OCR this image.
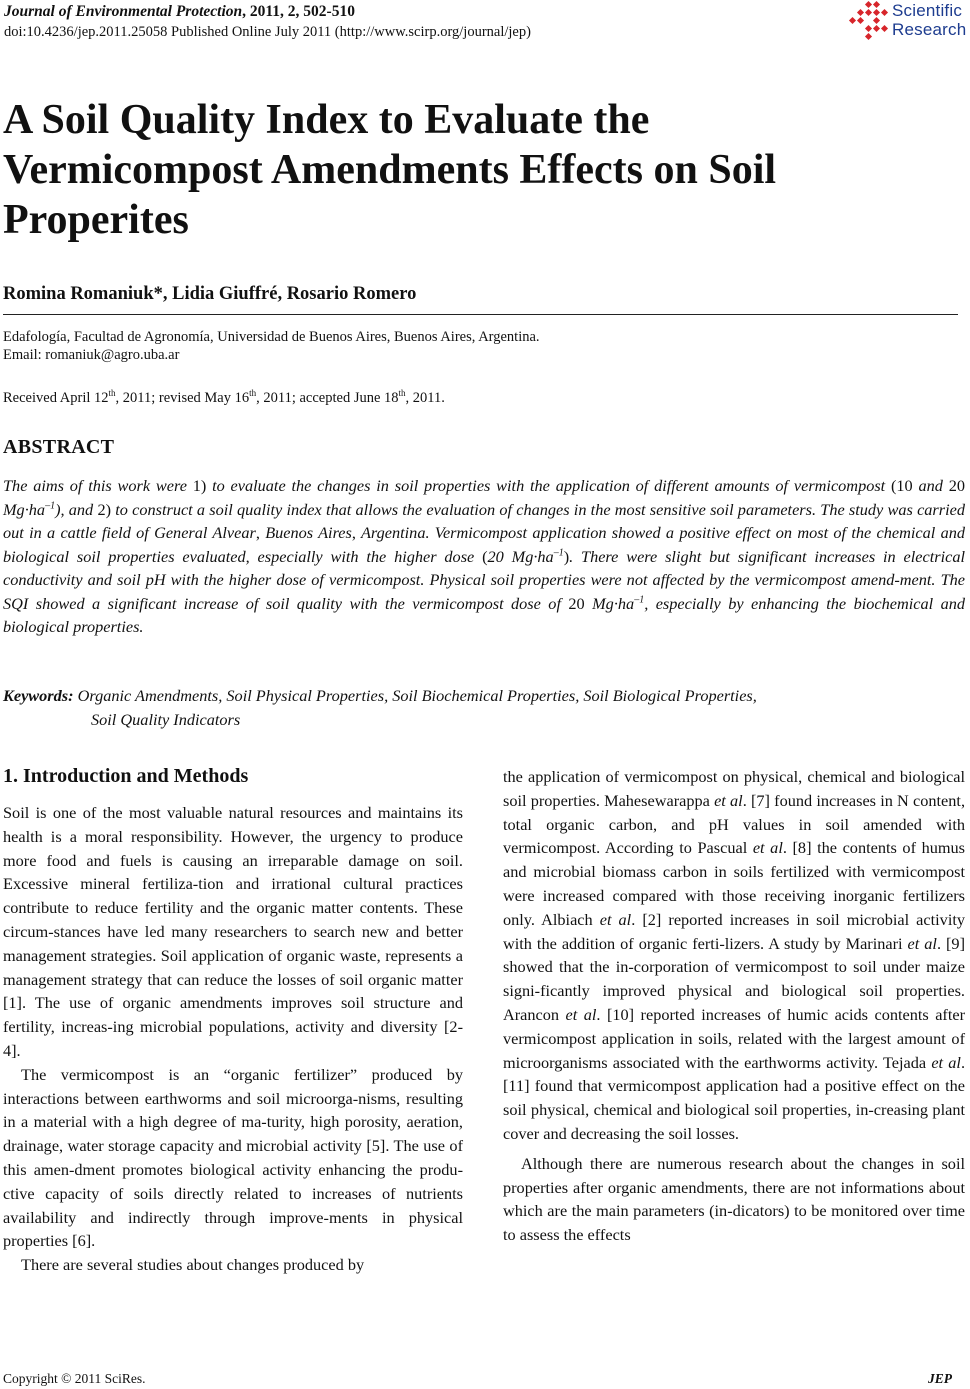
Journal of Environmental Protection, 2011, 2, 502-510
doi:10.4236/jep.2011.25058 Published Online July 2011 (http://www.scirp.org/journal/jep)
Scientific
Research
A Soil Quality Index to Evaluate the
Vermicompost Amendments Effects on Soil
Properites
Romina Romaniuk*, Lidia Giuffré, Rosario Romero
Edafología, Facultad de Agronomía, Universidad de Buenos Aires, Buenos Aires, Argentina.
Email: romaniuk@agro.uba.ar
Received April 12th, 2011; revised May 16th, 2011; accepted June 18th, 2011.
ABSTRACT
The aims of this work were 1) to evaluate the changes in soil properties with the application of different amounts of vermicompost (10 and 20 $Mg\cdot ha^{-1}$), and 2) to construct a soil quality index that allows the evaluation of changes in the most sensitive soil parameters. The study was carried out in a cattle field of General Alvear, Buenos Aires, Argentina. Vermicompost application showed a positive effect on most of the chemical and biological soil properties evaluated, especially with the higher dose (20 $Mg\cdot ha^{-1}$). There were slight but significant increases in electrical conductivity and soil pH with the higher dose of vermicompost. Physical soil properties were not affected by the vermicompost amend-ment. The SQI showed a significant increase of soil quality with the vermicompost dose of 20 $Mg\cdot ha^{-1}$, especially by enhancing the biochemical and biological properties.
Keywords: Organic Amendments, Soil Physical Properties, Soil Biochemical Properties, Soil Biological Properties,
Soil Quality Indicators
1. Introduction and Methods

Soil is one of the most valuable natural resources and maintains its health is a moral responsibility. However, the urgency to produce more food and fuels is causing an irreparable damage on soil. Excessive mineral fertiliza-tion and irrational cultural practices contribute to reduce fertility and the organic matter contents. These circum-stances have led many researchers to search new and better management strategies. Soil application of organic waste, represents a management strategy that can reduce the losses of soil organic matter [1]. The use of organic amendments improves soil structure and fertility, increas-ing microbial populations, activity and diversity [2-4].

The vermicompost is an “organic fertilizer” produced by interactions between earthworms and soil microorga-nisms, resulting in a material with a high degree of ma-turity, high porosity, aeration, drainage, water storage capacity and microbial activity [5]. The use of this amen-dment promotes biological activity enhancing the produ-ctive capacity of soils directly related to increases of nutrients availability and indirectly through improve-ments in physical properties [6].

There are several studies about changes produced by

the application of vermicompost on physical, chemical and biological soil properties. Mahesewarappa et al. [7] found increases in N content, total organic carbon, and pH values in soil amended with vermicompost. According to Pascual et al. [8] the contents of humus and microbial biomass carbon in soils fertilized with vermicompost were increased compared with those receiving inorganic fertilizers only. Albiach et al. [2] reported increases in soil microbial activity with the addition of organic ferti-lizers. A study by Marinari et al. [9] showed that the in-corporation of vermicompost to soil under maize signi-ficantly improved physical and biological soil properties. Arancon et al. [10] reported increases of humic acids contents after vermicompost application in soils, related with the largest amount of microorganisms associated with the earthworms activity. Tejada et al. [11] found that vermicompost application had a positive effect on the soil physical, chemical and biological soil properties, in-creasing plant cover and decreasing the soil losses.

Although there are numerous research about the changes in soil properties after organic amendments, there are not informations about which are the main parameters (in-dicators) to be monitored over time to assess the effects

Copyright © 2011 SciRes.	JEP
